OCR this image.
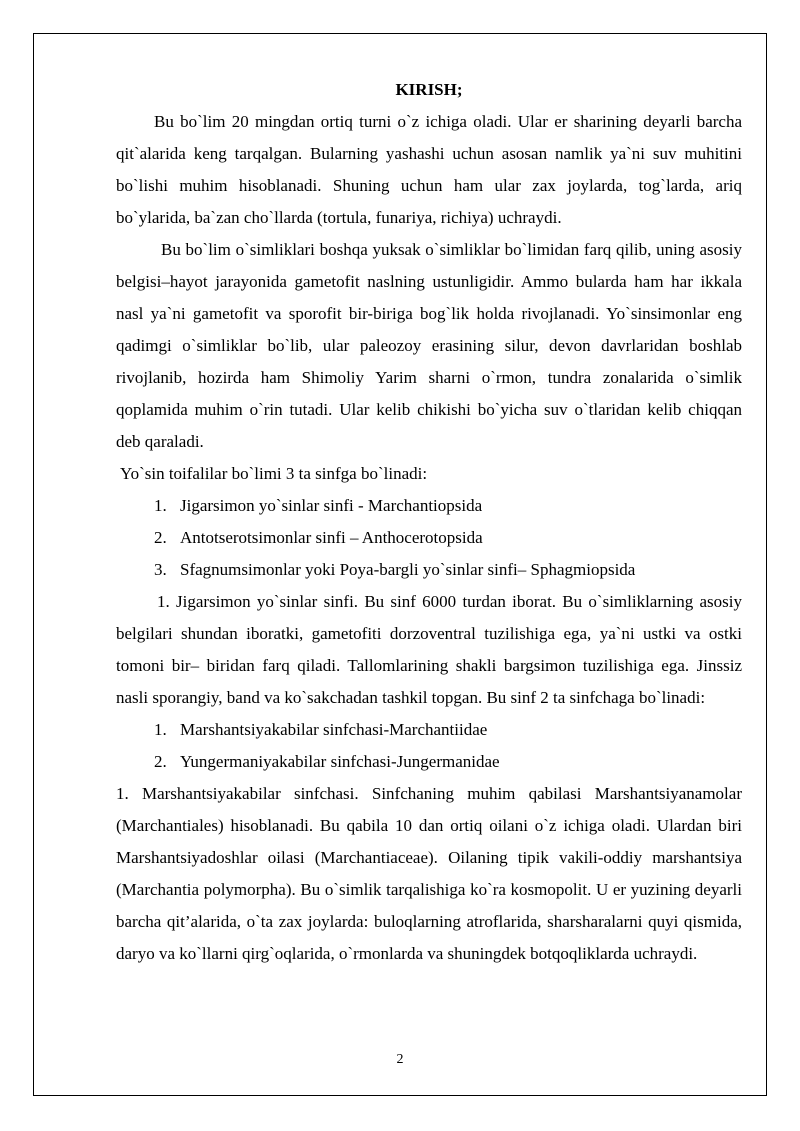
KIRISH;

Bu bo`lim 20 mingdan ortiq turni o`z ichiga oladi. Ular er sharining deyarli barcha qit`alarida keng tarqalgan. Bularning yashashi uchun asosan namlik ya`ni suv muhitini bo`lishi muhim hisoblanadi. Shuning uchun ham ular zax joylarda, tog`larda, ariq bo`ylarida, ba`zan cho`llarda (tortula, funariya, richiya) uchraydi.

Bu bo`lim o`simliklari boshqa yuksak o`simliklar bo`limidan farq qilib, uning asosiy belgisi–hayot jarayonida gametofit naslning ustunligidir. Ammo bularda ham har ikkala nasl ya`ni gametofit va sporofit bir-biriga bog`lik holda rivojlanadi. Yo`sinsimonlar eng qadimgi o`simliklar bo`lib, ular paleozoy erasining silur, devon davrlaridan boshlab rivojlanib, hozirda ham Shimoliy Yarim sharni o`rmon, tundra zonalarida o`simlik qoplamida muhim o`rin tutadi. Ular kelib chikishi bo`yicha suv o`tlaridan kelib chiqqan deb qaraladi.

Yo`sin toifalilar bo`limi 3 ta sinfga bo`linadi:

1. Jigarsimon yo`sinlar sinfi - Marchantiopsida
2. Antotserotsimonlar sinfi – Anthocerotopsida
3. Sfagnumsimonlar yoki Poya-bargli yo`sinlar sinfi– Sphagmiopsida

1. Jigarsimon yo`sinlar sinfi. Bu sinf 6000 turdan iborat. Bu o`simliklarning asosiy belgilari shundan iboratki, gametofiti dorzoventral tuzilishiga ega, ya`ni ustki va ostki tomoni bir– biridan farq qiladi. Tallomlarining shakli bargsimon tuzilishiga ega. Jinssiz nasli sporangiy, band va ko`sakchadan tashkil topgan. Bu sinf 2 ta sinfchaga bo`linadi:

1. Marshantsiyakabilar sinfchasi-Marchantiidae
2. Yungermaniyakabilar sinfchasi-Jungermanidae

1. Marshantsiyakabilar sinfchasi. Sinfchaning muhim qabilasi Marshantsiyanamolar (Marchantiales) hisoblanadi. Bu qabila 10 dan ortiq oilani o`z ichiga oladi. Ulardan biri Marshantsiyadoshlar oilasi (Marchantiaceae). Oilaning tipik vakili-oddiy marshantsiya (Marchantia polymorpha). Bu o`simlik tarqalishiga ko`ra kosmopolit. U er yuzining deyarli barcha qit’alarida, o`ta zax joylarda: buloqlarning atroflarida, sharsharalarni quyi qismida, daryo va ko`llarni qirg`oqlarida, o`rmonlarda va shuningdek botqoqliklarda uchraydi.

2
